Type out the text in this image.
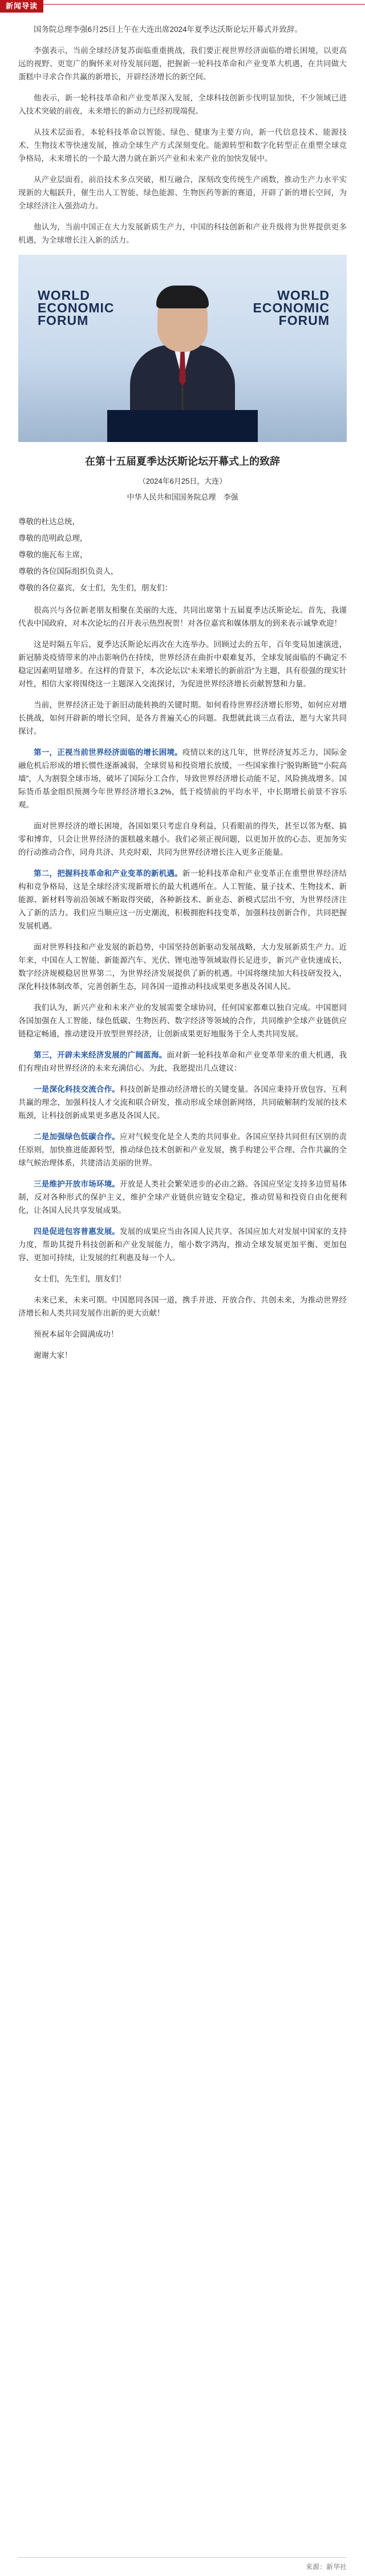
新闻导读

国务院总理李强6月25日上午在大连出席2024年夏季达沃斯论坛开幕式并致辞。

李强表示，当前全球经济复苏面临重重挑战，我们要正视世界经济面临的增长困境，以更高远的视野、更宽广的胸怀来对待发展问题，把握新一轮科技革命和产业变革大机遇，在共同做大蛋糕中寻求合作共赢的新增长，开辟经济增长的新空间。

他表示，新一轮科技革命和产业变革深入发展，全球科技创新步伐明显加快，不少领域已进入技术突破的前夜，未来增长的新动力已经初现端倪。

从技术层面看，本轮科技革命以智能、绿色、健康为主要方向，新一代信息技术、能源技术、生物技术等快速发展，推动全球生产方式深刻变化。能源转型和数字化转型正在重塑全球竞争格局，未来增长的一个最大潜力就在新兴产业和未来产业的加快发展中。

从产业层面看，前沿技术多点突破，相互融合，深刻改变传统生产函数，推动生产力水平实现新的大幅跃升，催生出人工智能、绿色能源、生物医药等新的赛道，开辟了新的增长空间，为全球经济注入强劲动力。

他认为，当前中国正在大力发展新质生产力，中国的科技创新和产业升级将为世界提供更多机遇，为全球增长注入新的活力。

WORLD
ECONOMIC
FORUM
WORLD
ECONOMIC
FORUM

在第十五届夏季达沃斯论坛开幕式上的致辞

（2024年6月25日，大连）

中华人民共和国国务院总理　李强

尊敬的杜达总统，

尊敬的范明政总理，

尊敬的施瓦布主席，

尊敬的各位国际组织负责人，

尊敬的各位嘉宾，女士们，先生们，朋友们：

很高兴与各位新老朋友相聚在美丽的大连，共同出席第十五届夏季达沃斯论坛。首先，我谨代表中国政府，对本次论坛的召开表示热烈祝贺！对各位嘉宾和媒体朋友的到来表示诚挚欢迎！

这是时隔五年后，夏季达沃斯论坛再次在大连举办。回顾过去的五年，百年变局加速演进，新冠肺炎疫情带来的冲击影响仍在持续，世界经济在曲折中艰难复苏，全球发展面临的不确定不稳定因素明显增多。在这样的背景下，本次论坛以“未来增长的新前沿”为主题，具有很强的现实针对性，相信大家将围绕这一主题深入交流探讨，为促进世界经济增长贡献智慧和力量。

当前，世界经济正处于新旧动能转换的关键时期。如何看待世界经济增长形势，如何应对增长挑战，如何开辟新的增长空间，是各方普遍关心的问题。我想就此谈三点看法，愿与大家共同探讨。

第一，正视当前世界经济面临的增长困境。疫情以来的这几年，世界经济复苏乏力，国际金融危机后形成的增长惯性逐渐减弱，全球贸易和投资增长放缓，一些国家推行“脱钩断链”“小院高墙”，人为割裂全球市场，破坏了国际分工合作，导致世界经济增长动能不足、风险挑战增多。国际货币基金组织预测今年世界经济增长3.2%，低于疫情前的平均水平，中长期增长前景不容乐观。

面对世界经济的增长困境，各国如果只考虑自身利益，只看眼前的得失，甚至以邻为壑、搞零和博弈，只会让世界经济的蛋糕越来越小。我们必须正视问题，以更加开放的心态、更加务实的行动推动合作，同舟共济、共克时艰，共同为世界经济增长注入更多正能量。

第二，把握科技革命和产业变革的新机遇。新一轮科技革命和产业变革正在重塑世界经济结构和竞争格局，这是全球经济实现新增长的最大机遇所在。人工智能、量子技术、生物技术、新能源、新材料等前沿领域不断取得突破，各种新技术、新业态、新模式层出不穷，为世界经济注入了新的活力。我们应当顺应这一历史潮流，积极拥抱科技变革，加强科技创新合作，共同把握发展机遇。

面对世界科技和产业发展的新趋势，中国坚持创新驱动发展战略，大力发展新质生产力。近年来，中国在人工智能、新能源汽车、光伏、锂电池等领域取得长足进步，新兴产业快速成长，数字经济规模稳居世界第二，为世界经济发展提供了新的机遇。中国将继续加大科技研发投入，深化科技体制改革，完善创新生态，同各国一道推动科技成果更多惠及各国人民。

我们认为，新兴产业和未来产业的发展需要全球协同，任何国家都难以独自完成。中国愿同各国加强在人工智能、绿色低碳、生物医药、数字经济等领域的合作，共同维护全球产业链供应链稳定畅通，推动建设开放型世界经济，让创新成果更好地服务于全人类共同发展。

第三，开辟未来经济发展的广阔蓝海。面对新一轮科技革命和产业变革带来的重大机遇，我们有理由对世界经济的未来充满信心。为此，我愿提出几点建议：

一是深化科技交流合作。科技创新是推动经济增长的关键变量。各国应秉持开放包容、互利共赢的理念，加强科技人才交流和联合研发，推动形成全球创新网络，共同破解制约发展的技术瓶颈，让科技创新成果更多惠及各国人民。

二是加强绿色低碳合作。应对气候变化是全人类的共同事业。各国应坚持共同但有区别的责任原则，加快推进能源转型，推动绿色技术创新和产业发展，携手构建公平合理、合作共赢的全球气候治理体系，共建清洁美丽的世界。

三是维护开放市场环境。开放是人类社会繁荣进步的必由之路。各国应坚定支持多边贸易体制，反对各种形式的保护主义，维护全球产业链供应链安全稳定，推动贸易和投资自由化便利化，让各国人民共享发展成果。

四是促进包容普惠发展。发展的成果应当由各国人民共享。各国应加大对发展中国家的支持力度，帮助其提升科技创新和产业发展能力，缩小数字鸿沟，推动全球发展更加平衡、更加包容、更加可持续，让发展的红利惠及每一个人。

女士们，先生们，朋友们！

未来已来，未来可期。中国愿同各国一道，携手并进、开放合作、共创未来，为推动世界经济增长和人类共同发展作出新的更大贡献！

预祝本届年会圆满成功！

谢谢大家！

来源：新华社
